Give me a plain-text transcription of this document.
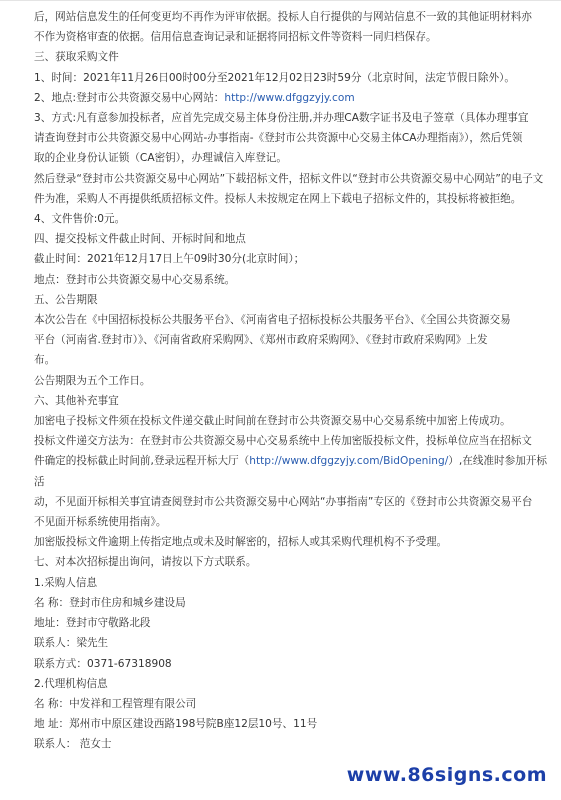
后，网站信息发生的任何变更均不再作为评审依据。投标人自行提供的与网站信息不一致的其他证明材料亦

不作为资格审查的依据。信用信息查询记录和证据将同招标文件等资料一同归档保存。

三、获取采购文件

1、时间：2021年11月26日00时00分至2021年12月02日23时59分（北京时间，法定节假日除外）。

2、地点:登封市公共资源交易中心网站：http://www.dfggzyjy.com

3、方式:凡有意参加投标者，应首先完成交易主体身份注册,并办理CA数字证书及电子签章（具体办理事宜

请查询登封市公共资源交易中心网站-办事指南-《登封市公共资源中心交易主体CA办理指南》），然后凭领

取的企业身份认证锁（CA密钥），办理诚信入库登记。

然后登录“登封市公共资源交易中心网站”下载招标文件，招标文件以“登封市公共资源交易中心网站”的电子文

件为准，采购人不再提供纸质招标文件。投标人未按规定在网上下载电子招标文件的，其投标将被拒绝。

4、文件售价:0元。

四、提交投标文件截止时间、开标时间和地点

截止时间：2021年12月17日上午09时30分(北京时间）；

地点：登封市公共资源交易中心交易系统。

五、公告期限

本次公告在《中国招标投标公共服务平台》、《河南省电子招标投标公共服务平台》、《全国公共资源交易

平台（河南省.登封市）》、《河南省政府采购网》、《郑州市政府采购网》、《登封市政府采购网》上发

布。

公告期限为五个工作日。

六、其他补充事宜

加密电子投标文件须在投标文件递交截止时间前在登封市公共资源交易中心交易系统中加密上传成功。

投标文件递交方法为：在登封市公共资源交易中心交易系统中上传加密版投标文件，投标单位应当在招标文

件确定的投标截止时间前,登录远程开标大厅（http://www.dfggzyjy.com/BidOpening/）,在线准时参加开标活

动，不见面开标相关事宜请查阅登封市公共资源交易中心网站“办事指南”专区的《登封市公共资源交易平台

不见面开标系统使用指南》。

加密版投标文件逾期上传指定地点或未及时解密的，招标人或其采购代理机构不予受理。

七、对本次招标提出询问，请按以下方式联系。

1.采购人信息

名 称：登封市住房和城乡建设局

地址：登封市守敬路北段

联系人：梁先生

联系方式：0371-67318908

2.代理机构信息

名 称：中发祥和工程管理有限公司

地 址：郑州市中原区建设西路198号院B座12层10号、11号

联系人： 范女士

www.86signs.com
